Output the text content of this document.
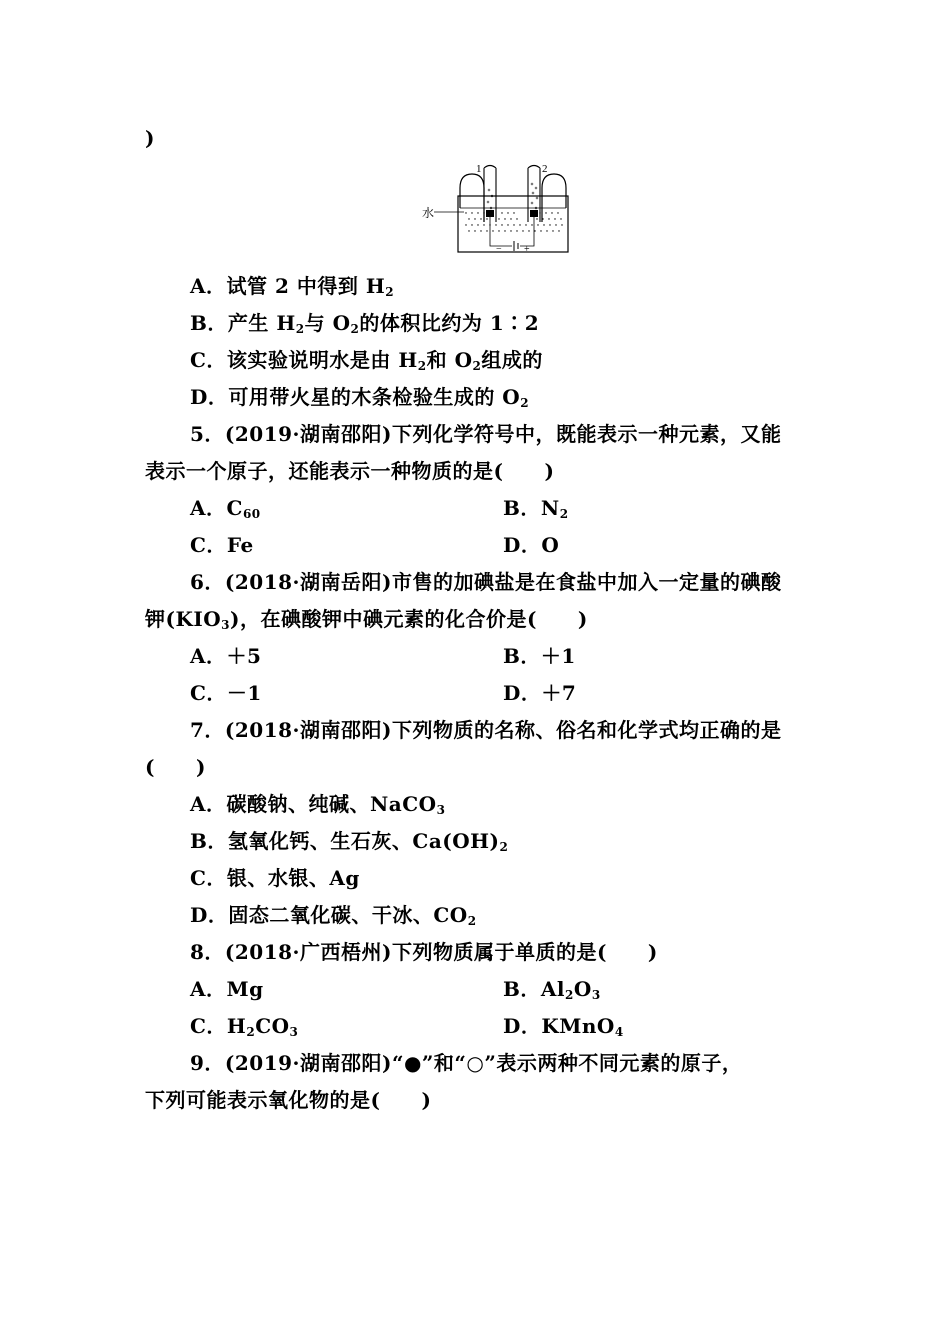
)
水
1	2
− +
A．试管 2 中得到 $H_2$
B．产生 $H_2$与 $O_2$的体积比约为 1∶2
C．该实验说明水是由 $H_2$和 $O_2$组成的
D．可用带火星的木条检验生成的 $O_2$
5．(2019·湖南邵阳)下列化学符号中，既能表示一种元素，又能
表示一个原子，还能表示一种物质的是(　　)
A．$C_{60}$	B．$N_2$
C．Fe	D．O
6．(2018·湖南岳阳)市售的加碘盐是在食盐中加入一定量的碘酸
钾$(KIO_3)$，在碘酸钾中碘元素的化合价是(　　)
A．＋5	B．＋1
C．－1	D．＋7
7．(2018·湖南邵阳)下列物质的名称、俗名和化学式均正确的是
(　　)
A．碳酸钠、纯碱、NaCO$_3$
B．氢氧化钙、生石灰、$Ca(OH)_2$
C．银、水银、Ag
D．固态二氧化碳、干冰、$CO_2$
8．(2018·广西梧州)下列物质属于单质的是(　　)
A．Mg	B．$Al_2O_3$
C．$H_2CO_3$	D．KMnO$_4$
9．(2019·湖南邵阳)“●”和“○”表示两种不同元素的原子，
下列可能表示氧化物的是(　　)
